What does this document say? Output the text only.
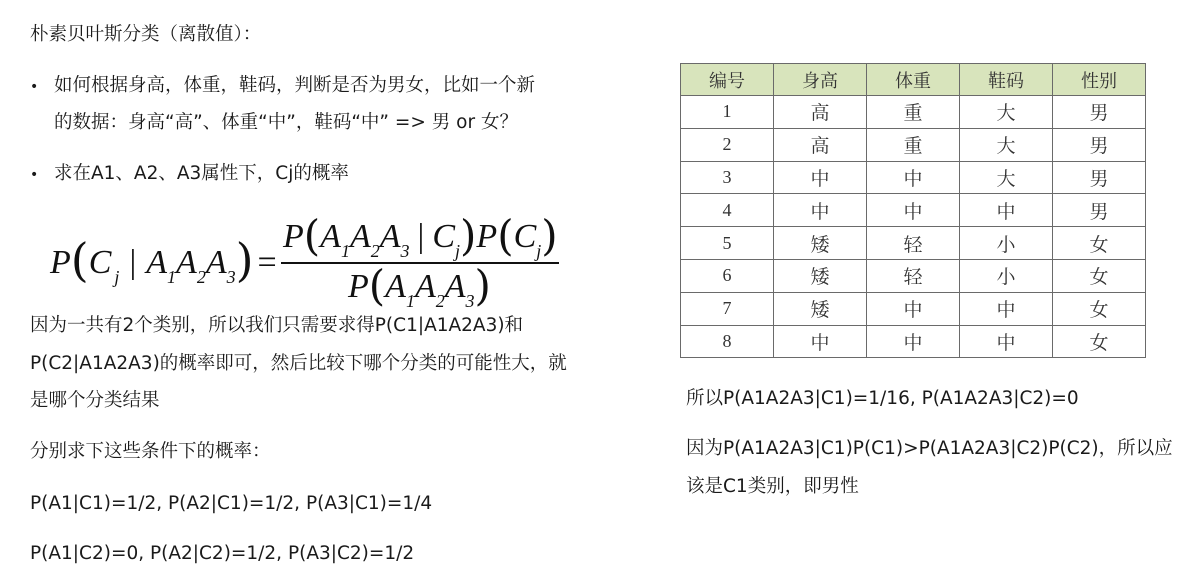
朴素贝叶斯分类（离散值）：
• 如何根据身高，体重，鞋码，判断是否为男女，比如一个新
的数据：身高“高”、体重“中”，鞋码“中” => 男 or 女？
• 求在A1、A2、A3属性下，Cj的概率
P(C j | A1A2A3) =
P(A1A2A3 | Cj)P(Cj)
P(A1A2A3)
因为一共有2个类别，所以我们只需要求得P(C1|A1A2A3)和
P(C2|A1A2A3)的概率即可，然后比较下哪个分类的可能性大，就
是哪个分类结果
分别求下这些条件下的概率：
P(A1|C1)=1/2, P(A2|C1)=1/2, P(A3|C1)=1/4
P(A1|C2)=0, P(A2|C2)=1/2, P(A3|C2)=1/2
编号	身高	体重	鞋码	性别
1	高	重	大	男
2	高	重	大	男
3	中	中	大	男
4	中	中	中	男
5	矮	轻	小	女
6	矮	轻	小	女
7	矮	中	中	女
8	中	中	中	女
所以P(A1A2A3|C1)=1/16, P(A1A2A3|C2)=0
因为P(A1A2A3|C1)P(C1)>P(A1A2A3|C2)P(C2)，所以应
该是C1类别，即男性
